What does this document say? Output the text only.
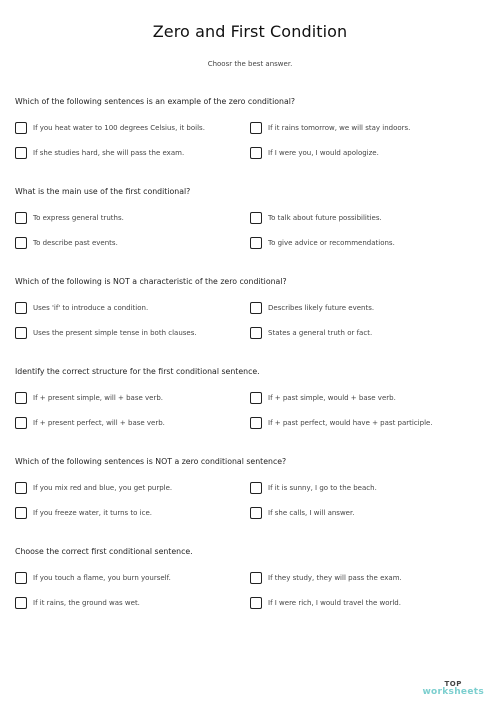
Zero and First Condition
Choosr the best answer.
Which of the following sentences is an example of the zero conditional?
If you heat water to 100 degrees Celsius, it boils.	If it rains tomorrow, we will stay indoors.
If she studies hard, she will pass the exam.	If I were you, I would apologize.
What is the main use of the first conditional?
To express general truths.	To talk about future possibilities.
To describe past events.	To give advice or recommendations.
Which of the following is NOT a characteristic of the zero conditional?
Uses 'if' to introduce a condition.	Describes likely future events.
Uses the present simple tense in both clauses.	States a general truth or fact.
Identify the correct structure for the first conditional sentence.
If + present simple, will + base verb.	If + past simple, would + base verb.
If + present perfect, will + base verb.	If + past perfect, would have + past participle.
Which of the following sentences is NOT a zero conditional sentence?
If you mix red and blue, you get purple.	If it is sunny, I go to the beach.
If you freeze water, it turns to ice.	If she calls, I will answer.
Choose the correct first conditional sentence.
If you touch a flame, you burn yourself.	If they study, they will pass the exam.
If it rains, the ground was wet.	If I were rich, I would travel the world.
TOP
worksheets
